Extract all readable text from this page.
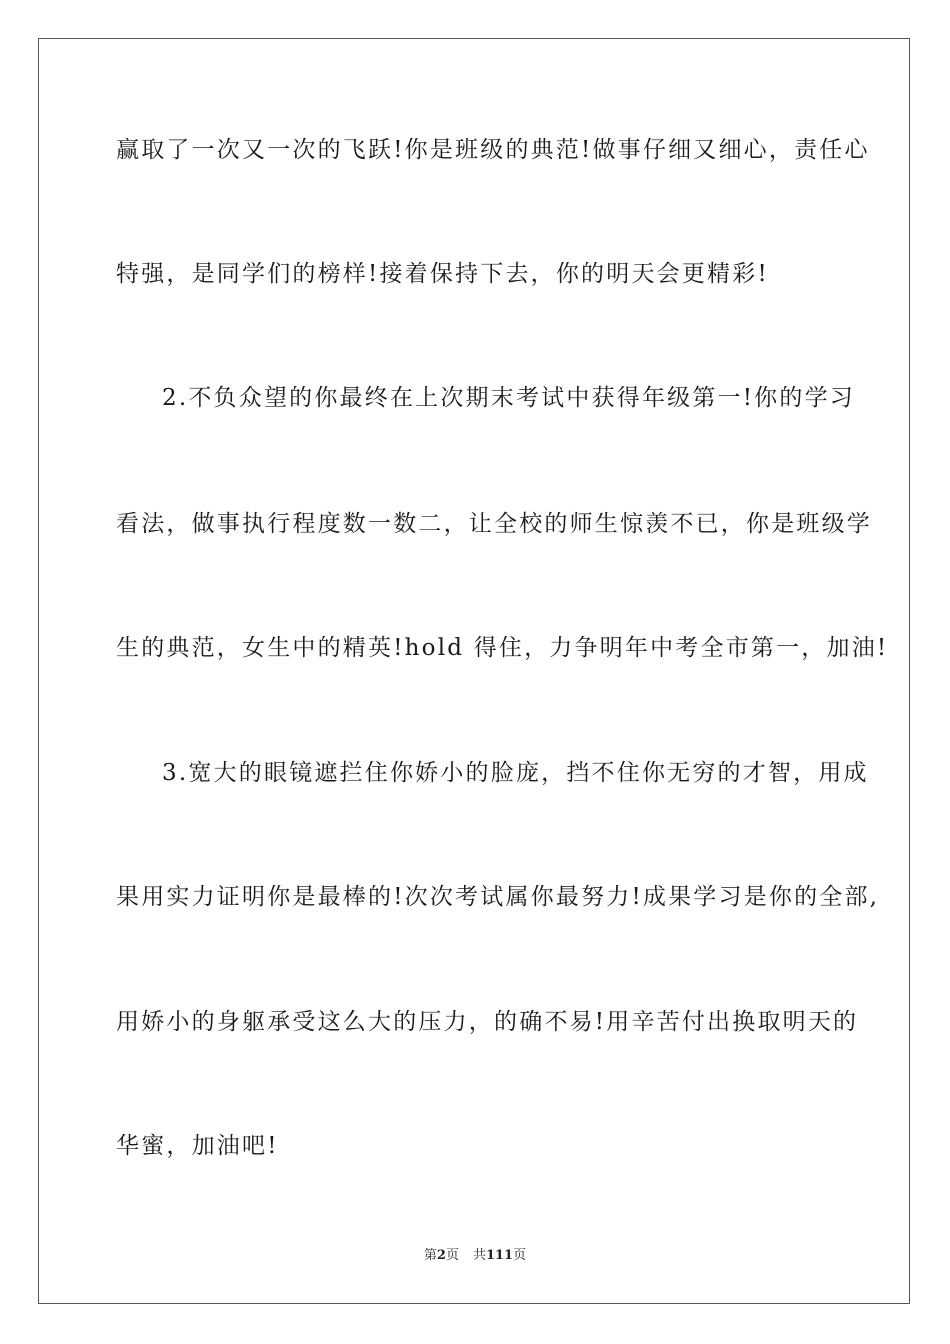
赢取了一次又一次的飞跃!你是班级的典范!做事仔细又细心，责任心

特强，是同学们的榜样!接着保持下去，你的明天会更精彩!

2.不负众望的你最终在上次期末考试中获得年级第一!你的学习

看法，做事执行程度数一数二，让全校的师生惊羡不已，你是班级学

生的典范，女生中的精英!hold 得住，力争明年中考全市第一，加油!

3.宽大的眼镜遮拦住你娇小的脸庞，挡不住你无穷的才智，用成

果用实力证明你是最棒的!次次考试属你最努力!成果学习是你的全部,

用娇小的身躯承受这么大的压力，的确不易!用辛苦付出换取明天的

华蜜，加油吧!

第2页 共111页
